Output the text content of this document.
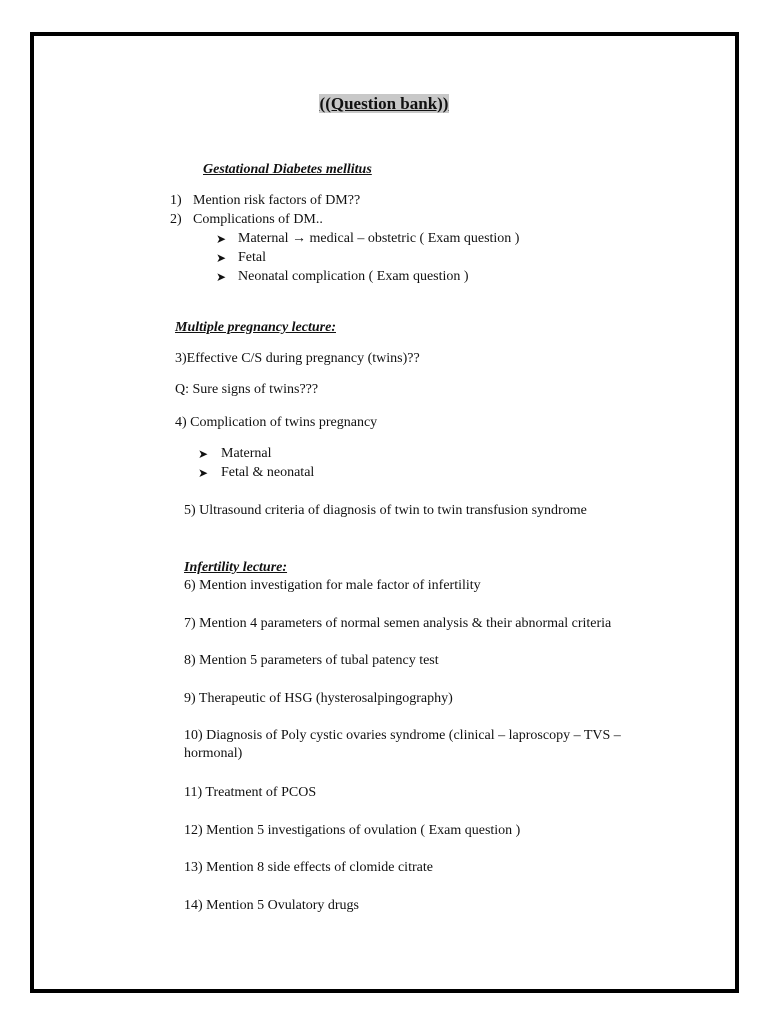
((Question bank))
Gestational Diabetes mellitus
1) Mention risk factors of DM??
2) Complications of DM..
➤ Maternal → medical – obstetric ( Exam question )
➤ Fetal
➤ Neonatal complication ( Exam question )
Multiple pregnancy lecture:
3)Effective C/S during pregnancy (twins)??
Q: Sure signs of twins???
4) Complication of twins pregnancy
➤ Maternal
➤ Fetal & neonatal
5) Ultrasound criteria of diagnosis of twin to twin transfusion syndrome
Infertility lecture:
6) Mention investigation for male factor of infertility
7) Mention 4 parameters of normal semen analysis & their abnormal criteria
8) Mention 5 parameters of tubal patency test
9) Therapeutic of HSG (hysterosalpingography)
10) Diagnosis of Poly cystic ovaries syndrome (clinical – laproscopy – TVS – hormonal)
11) Treatment of PCOS
12) Mention 5 investigations of ovulation ( Exam question )
13) Mention 8 side effects of clomide citrate
14) Mention 5 Ovulatory drugs
